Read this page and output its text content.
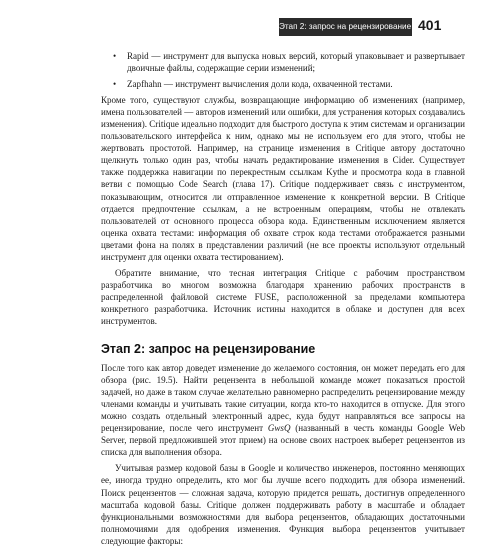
Этап 2: запрос на рецензирование 401
• Rapid — инструмент для выпуска новых версий, который упаковывает и развертывает двоичные файлы, содержащие серии изменений;
• Zapfhahn — инструмент вычисления доли кода, охваченной тестами.

Кроме того, существуют службы, возвращающие информацию об изменениях (например, имена пользователей — авторов изменений или ошибки, для устранения которых создавались изменения). Critique идеально подходит для быстрого доступа к этим системам и организации пользовательского интерфейса к ним, однако мы не используем его для этого, чтобы не жертвовать простотой. Например, на странице изменения в Critique автору достаточно щелкнуть только один раз, чтобы начать редактирование изменения в Cider. Существует также поддержка навигации по перекрестным ссылкам Kythe и просмотра кода в главной ветви с помощью Code Search (глава 17). Critique поддерживает связь с инструментом, показывающим, относится ли отправленное изменение к конкретной версии. В Critique отдается предпочтение ссылкам, а не встроенным операциям, чтобы не отвлекать пользователей от основного процесса обзора кода. Единственным исключением является оценка охвата тестами: информация об охвате строк кода тестами отображается разными цветами фона на полях в представлении различий (не все проекты используют отдельный инструмент для оценки охвата тестированием).

Обратите внимание, что тесная интеграция Critique с рабочим пространством разработчика во многом возможна благодаря хранению рабочих пространств в распределенной файловой системе FUSE, расположенной за пределами компьютера конкретного разработчика. Источник истины находится в облаке и доступен для всех инструментов.

Этап 2: запрос на рецензирование

После того как автор доведет изменение до желаемого состояния, он может передать его для обзора (рис. 19.5). Найти рецензента в небольшой команде может показаться простой задачей, но даже в таком случае желательно равномерно распределить рецензирование между членами команды и учитывать такие ситуации, когда кто-то находится в отпуске. Для этого можно создать отдельный электронный адрес, куда будут направляться все запросы на рецензирование, после чего инструмент GwsQ (названный в честь команды Google Web Server, первой предложившей этот прием) на основе своих настроек выберет рецензентов из списка для выполнения обзора.

Учитывая размер кодовой базы в Google и количество инженеров, постоянно меняющих ее, иногда трудно определить, кто мог бы лучше всего подходить для обзора изменений. Поиск рецензентов — сложная задача, которую придется решать, достигнув определенного масштаба кодовой базы. Critique должен поддерживать работу в масштабе и обладает функциональными возможностями для выбора рецензентов, обладающих достаточными полномочиями для одобрения изменения. Функция выбора рецензентов учитывает следующие факторы:
